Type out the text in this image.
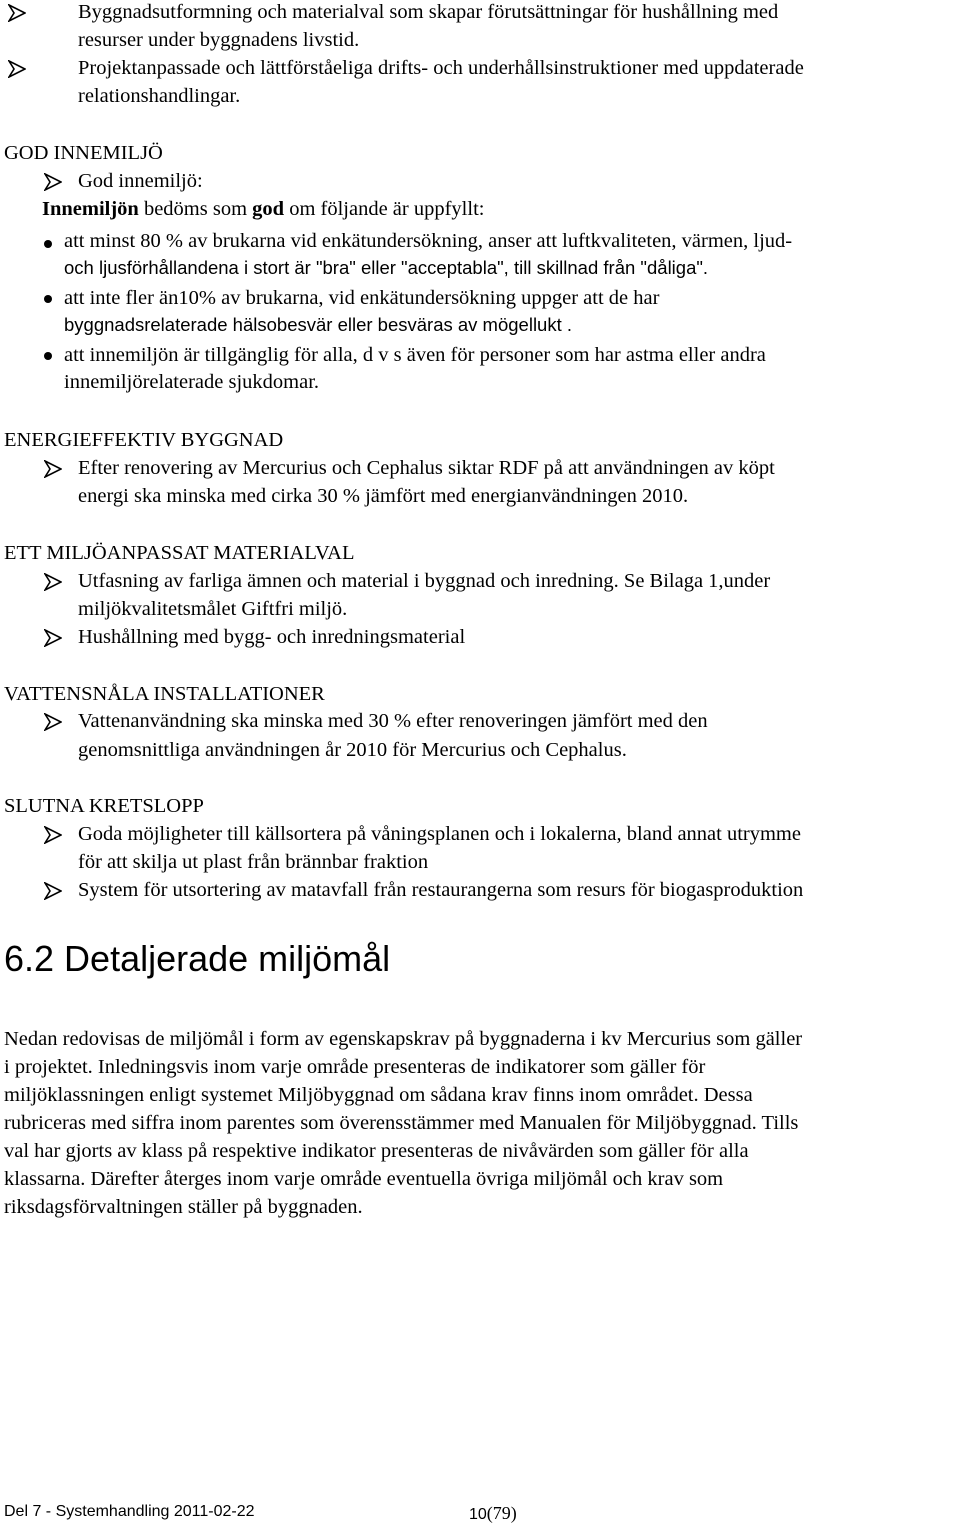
Byggnadsutformning och materialval som skapar förutsättningar för hushållning med
resurser under byggnadens livstid.
Projektanpassade och lättförståeliga drifts- och underhållsinstruktioner med uppdaterade
relationshandlingar.
GOD INNEMILJÖ
God innemiljö:
Innemiljön bedöms som god om följande är uppfyllt:
att minst 80 % av brukarna vid enkätundersökning, anser att luftkvaliteten, värmen, ljud-
och ljusförhållandena i stort är "bra" eller "acceptabla", till skillnad från "dåliga".
att inte fler än10% av brukarna, vid enkätundersökning uppger att de har
byggnadsrelaterade hälsobesvär eller besväras av mögellukt .
att innemiljön är tillgänglig för alla, d v s även för personer som har astma eller andra
innemiljörelaterade sjukdomar.
ENERGIEFFEKTIV BYGGNAD
Efter renovering av Mercurius och Cephalus siktar RDF på att användningen av köpt
energi ska minska med cirka 30 % jämfört med energianvändningen 2010.
ETT MILJÖANPASSAT MATERIALVAL
Utfasning av farliga ämnen och material i byggnad och inredning. Se Bilaga 1,under
miljökvalitetsmålet Giftfri miljö.
Hushållning med bygg- och inredningsmaterial
VATTENSNÅLA INSTALLATIONER
Vattenanvändning ska minska med 30 % efter renoveringen jämfört med den
genomsnittliga användningen år 2010 för Mercurius och Cephalus.
SLUTNA KRETSLOPP
Goda möjligheter till källsortera på våningsplanen och i lokalerna, bland annat utrymme
för att skilja ut plast från brännbar fraktion
System för utsortering av matavfall från restaurangerna som resurs för biogasproduktion
6.2 Detaljerade miljömål
Nedan redovisas de miljömål i form av egenskapskrav på byggnaderna i kv Mercurius som gäller
i projektet. Inledningsvis inom varje område presenteras de indikatorer som gäller för
miljöklassningen enligt systemet Miljöbyggnad om sådana krav finns inom området. Dessa
rubriceras med siffra inom parentes som överensstämmer med Manualen för Miljöbyggnad. Tills
val har gjorts av klass på respektive indikator presenteras de nivåvärden som gäller för alla
klassarna. Därefter återges inom varje område eventuella övriga miljömål och krav som
riksdagsförvaltningen ställer på byggnaden.
Del 7 - Systemhandling 2011-02-22	10(79)
